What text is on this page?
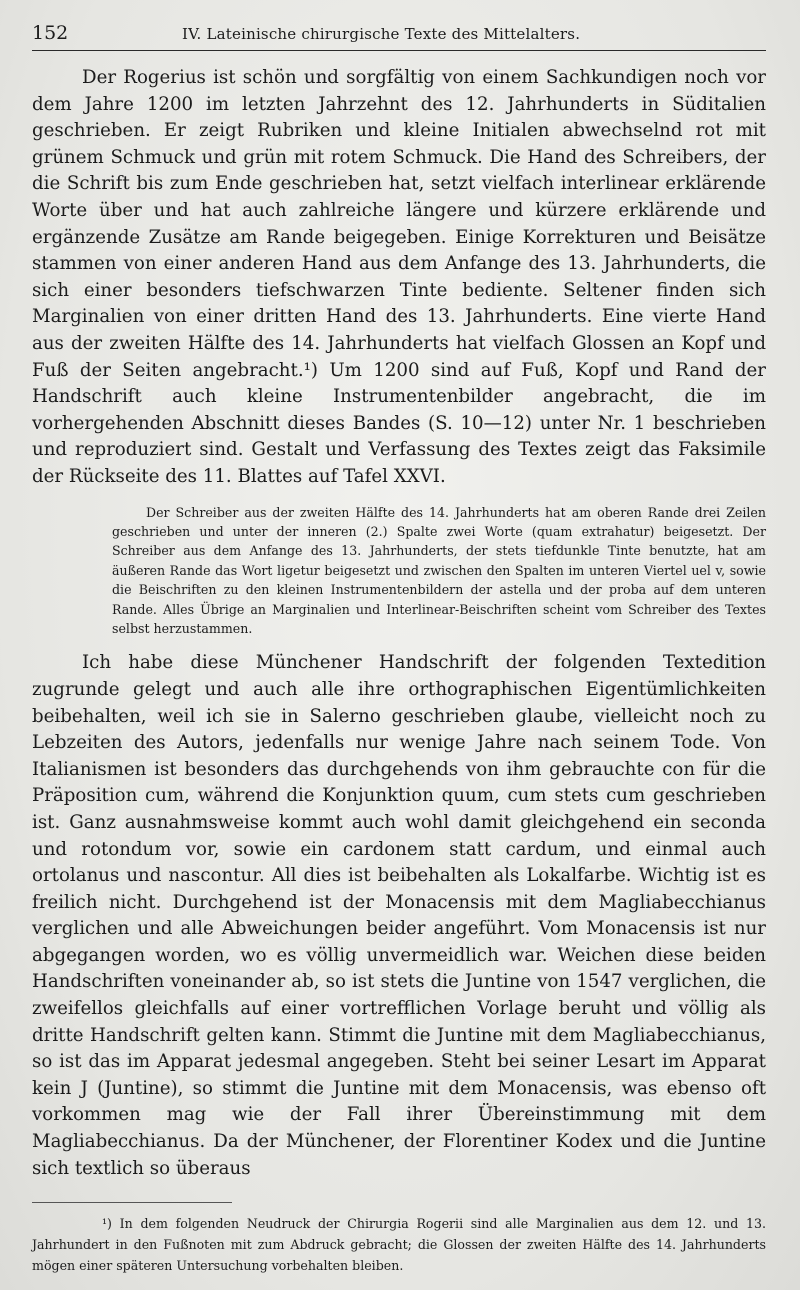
152	IV. Lateinische chirurgische Texte des Mittelalters.

Der Rogerius ist schön und sorgfältig von einem Sachkundigen noch vor dem Jahre 1200 im letzten Jahrzehnt des 12. Jahrhunderts in Süditalien geschrieben. Er zeigt Rubriken und kleine Initialen abwechselnd rot mit grünem Schmuck und grün mit rotem Schmuck. Die Hand des Schreibers, der die Schrift bis zum Ende geschrieben hat, setzt vielfach interlinear erklärende Worte über und hat auch zahlreiche längere und kürzere erklärende und ergänzende Zusätze am Rande beigegeben. Einige Korrekturen und Beisätze stammen von einer anderen Hand aus dem Anfange des 13. Jahrhunderts, die sich einer besonders tiefschwarzen Tinte bediente. Seltener finden sich Marginalien von einer dritten Hand des 13. Jahrhunderts. Eine vierte Hand aus der zweiten Hälfte des 14. Jahrhunderts hat vielfach Glossen an Kopf und Fuß der Seiten angebracht.¹) Um 1200 sind auf Fuß, Kopf und Rand der Handschrift auch kleine Instrumentenbilder angebracht, die im vorhergehenden Abschnitt dieses Bandes (S. 10—12) unter Nr. 1 beschrieben und reproduziert sind. Gestalt und Verfassung des Textes zeigt das Faksimile der Rückseite des 11. Blattes auf Tafel XXVI.

Der Schreiber aus der zweiten Hälfte des 14. Jahrhunderts hat am oberen Rande drei Zeilen geschrieben und unter der inneren (2.) Spalte zwei Worte (quam extrahatur) beigesetzt. Der Schreiber aus dem Anfange des 13. Jahrhunderts, der stets tiefdunkle Tinte benutzte, hat am äußeren Rande das Wort ligetur beigesetzt und zwischen den Spalten im unteren Viertel uel v, sowie die Beischriften zu den kleinen Instrumentenbildern der astella und der proba auf dem unteren Rande. Alles Übrige an Marginalien und Interlinear-Beischriften scheint vom Schreiber des Textes selbst herzustammen.

Ich habe diese Münchener Handschrift der folgenden Textedition zugrunde gelegt und auch alle ihre orthographischen Eigentümlichkeiten beibehalten, weil ich sie in Salerno geschrieben glaube, vielleicht noch zu Lebzeiten des Autors, jedenfalls nur wenige Jahre nach seinem Tode. Von Italianismen ist besonders das durchgehends von ihm gebrauchte con für die Präposition cum, während die Konjunktion quum, cum stets cum geschrieben ist. Ganz ausnahmsweise kommt auch wohl damit gleichgehend ein seconda und rotondum vor, sowie ein cardonem statt cardum, und einmal auch ortolanus und nascontur. All dies ist beibehalten als Lokalfarbe. Wichtig ist es freilich nicht. Durchgehend ist der Monacensis mit dem Magliabecchianus verglichen und alle Abweichungen beider angeführt. Vom Monacensis ist nur abgegangen worden, wo es völlig unvermeidlich war. Weichen diese beiden Handschriften voneinander ab, so ist stets die Juntine von 1547 verglichen, die zweifellos gleichfalls auf einer vortrefflichen Vorlage beruht und völlig als dritte Handschrift gelten kann. Stimmt die Juntine mit dem Magliabecchianus, so ist das im Apparat jedesmal angegeben. Steht bei seiner Lesart im Apparat kein J (Juntine), so stimmt die Juntine mit dem Monacensis, was ebenso oft vorkommen mag wie der Fall ihrer Übereinstimmung mit dem Magliabecchianus. Da der Münchener, der Florentiner Kodex und die Juntine sich textlich so überaus

¹) In dem folgenden Neudruck der Chirurgia Rogerii sind alle Marginalien aus dem 12. und 13. Jahrhundert in den Fußnoten mit zum Abdruck gebracht; die Glossen der zweiten Hälfte des 14. Jahrhunderts mögen einer späteren Untersuchung vorbehalten bleiben.
